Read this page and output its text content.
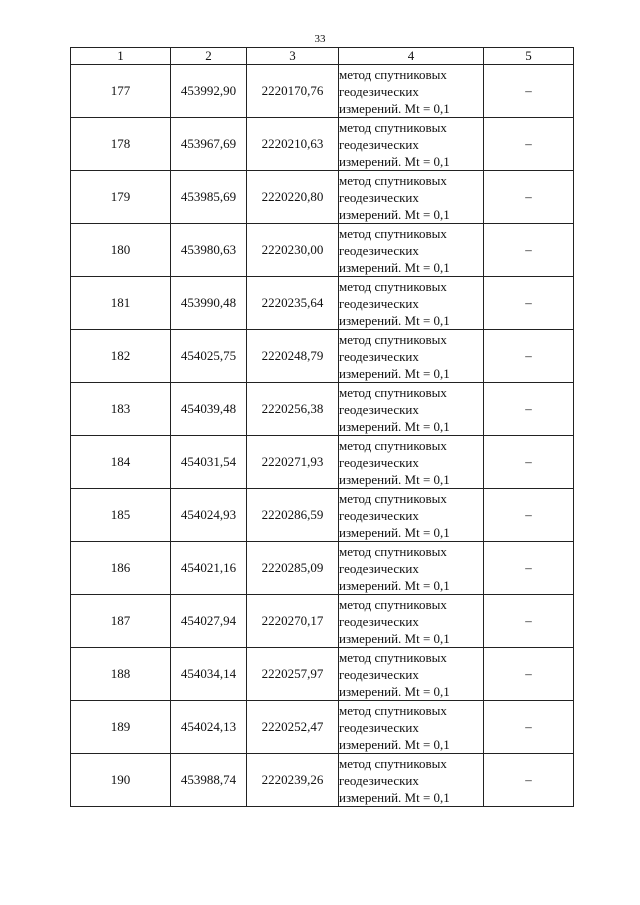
33
1	2	3	4	5
177	453992,90	2220170,76	метод спутниковых
геодезических
измерений. Mt = 0,1	–
178	453967,69	2220210,63	метод спутниковых
геодезических
измерений. Mt = 0,1	–
179	453985,69	2220220,80	метод спутниковых
геодезических
измерений. Mt = 0,1	–
180	453980,63	2220230,00	метод спутниковых
геодезических
измерений. Mt = 0,1	–
181	453990,48	2220235,64	метод спутниковых
геодезических
измерений. Mt = 0,1	–
182	454025,75	2220248,79	метод спутниковых
геодезических
измерений. Mt = 0,1	–
183	454039,48	2220256,38	метод спутниковых
геодезических
измерений. Mt = 0,1	–
184	454031,54	2220271,93	метод спутниковых
геодезических
измерений. Mt = 0,1	–
185	454024,93	2220286,59	метод спутниковых
геодезических
измерений. Mt = 0,1	–
186	454021,16	2220285,09	метод спутниковых
геодезических
измерений. Mt = 0,1	–
187	454027,94	2220270,17	метод спутниковых
геодезических
измерений. Mt = 0,1	–
188	454034,14	2220257,97	метод спутниковых
геодезических
измерений. Mt = 0,1	–
189	454024,13	2220252,47	метод спутниковых
геодезических
измерений. Mt = 0,1	–
190	453988,74	2220239,26	метод спутниковых
геодезических
измерений. Mt = 0,1	–
